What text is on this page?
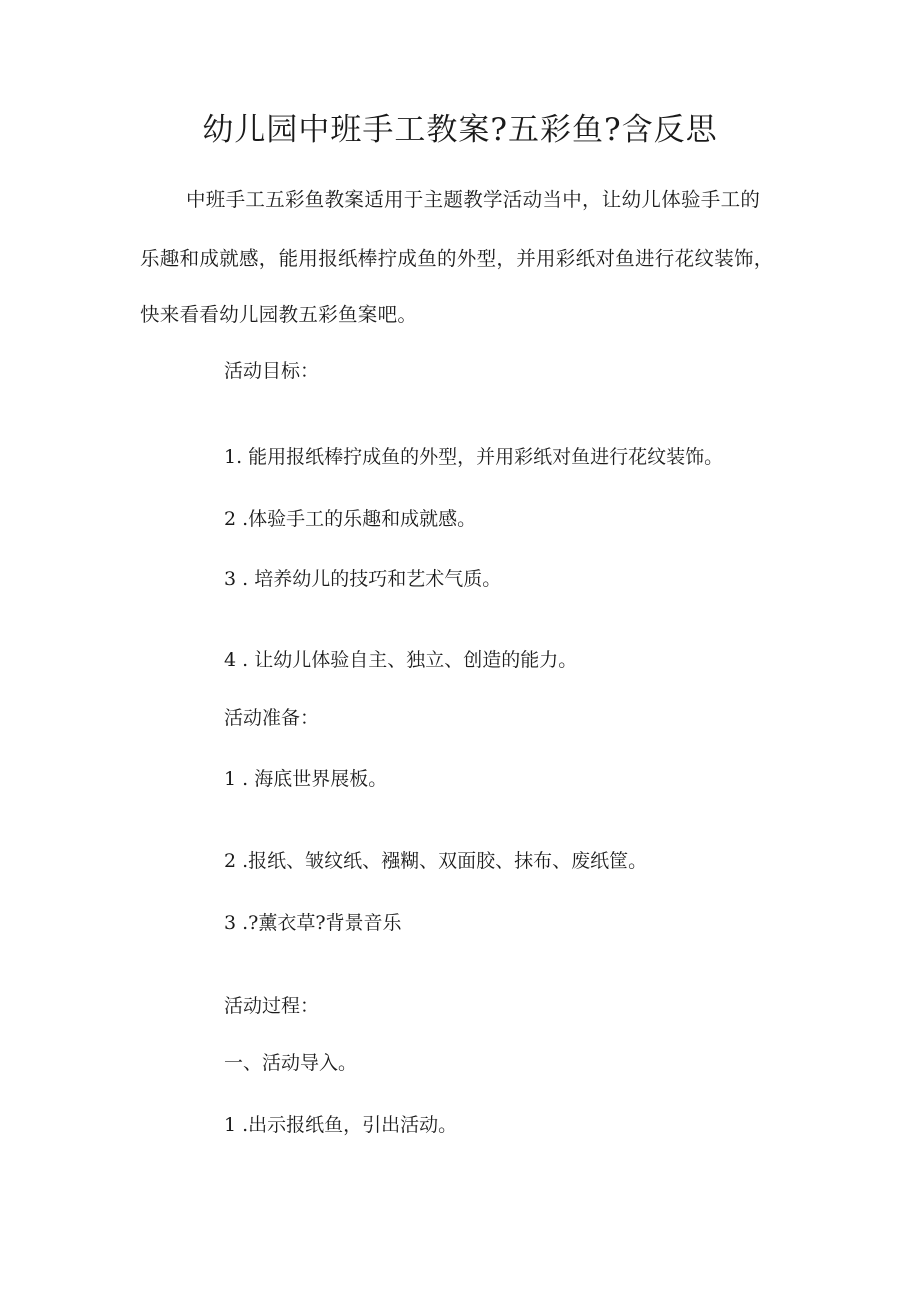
幼儿园中班手工教案?五彩鱼?含反思
中班手工五彩鱼教案适用于主题教学活动当中，让幼儿体验手工的
乐趣和成就感，能用报纸棒拧成鱼的外型，并用彩纸对鱼进行花纹装饰，
快来看看幼儿园教五彩鱼案吧。
活动目标：
1. 能用报纸棒拧成鱼的外型，并用彩纸对鱼进行花纹装饰。
2 .体验手工的乐趣和成就感。
3 . 培养幼儿的技巧和艺术气质。
4 . 让幼儿体验自主、独立、创造的能力。
活动准备：
1 . 海底世界展板。
2 .报纸、皱纹纸、襁糊、双面胶、抹布、废纸筐。
3 .?薰衣草?背景音乐
活动过程：
一、活动导入。
1 .出示报纸鱼，引出活动。
